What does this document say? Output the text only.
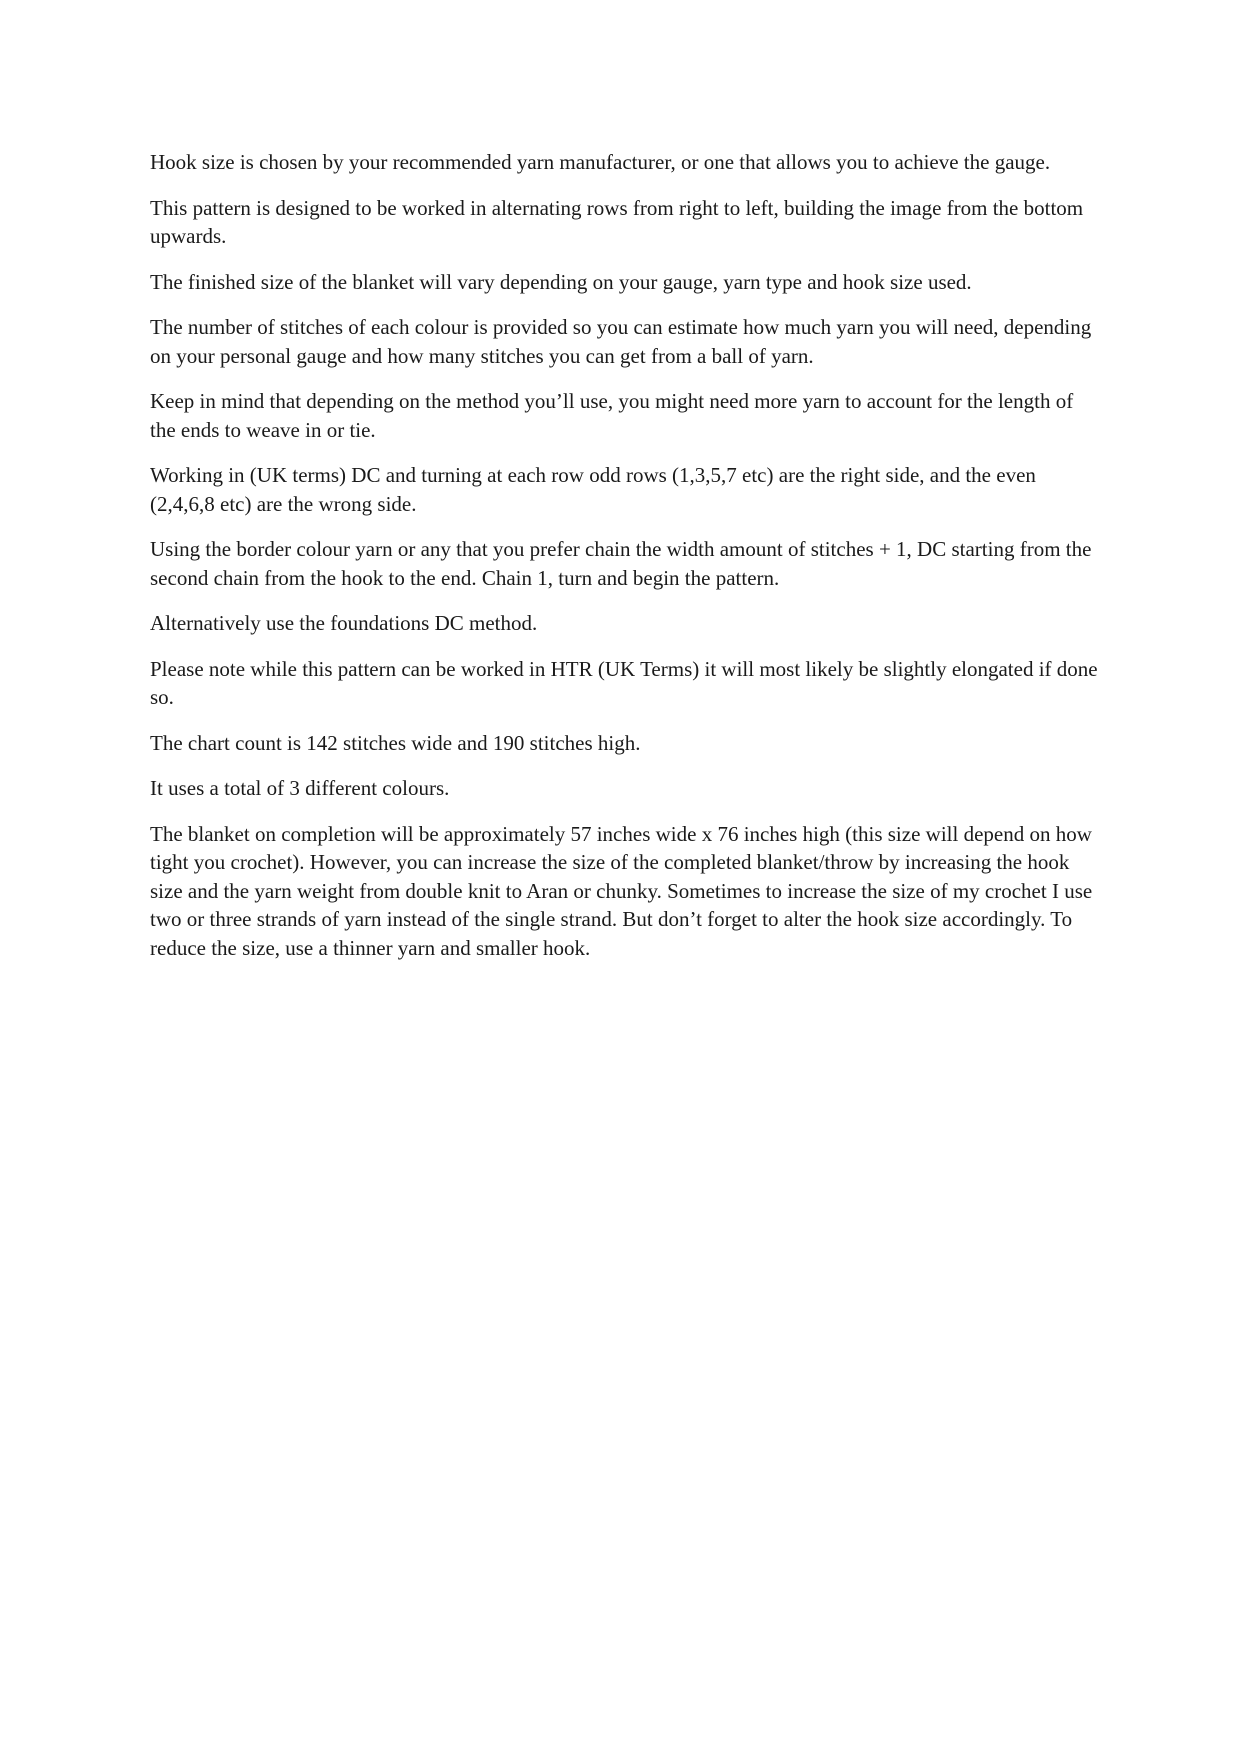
Hook size is chosen by your recommended yarn manufacturer, or one that allows you to achieve the gauge.

This pattern is designed to be worked in alternating rows from right to left, building the image from the bottom upwards.

The finished size of the blanket will vary depending on your gauge, yarn type and hook size used.

The number of stitches of each colour is provided so you can estimate how much yarn you will need, depending on your personal gauge and how many stitches you can get from a ball of yarn.

Keep in mind that depending on the method you’ll use, you might need more yarn to account for the length of the ends to weave in or tie.

Working in (UK terms) DC and turning at each row odd rows (1,3,5,7 etc) are the right side, and the even (2,4,6,8 etc) are the wrong side.

Using the border colour yarn or any that you prefer chain the width amount of stitches + 1, DC starting from the second chain from the hook to the end. Chain 1, turn and begin the pattern.

Alternatively use the foundations DC method.

Please note while this pattern can be worked in HTR (UK Terms) it will most likely be slightly elongated if done so.

The chart count is 142 stitches wide and 190 stitches high.

It uses a total of 3 different colours.

The blanket on completion will be approximately 57 inches wide x 76 inches high (this size will depend on how tight you crochet). However, you can increase the size of the completed blanket/throw by increasing the hook size and the yarn weight from double knit to Aran or chunky. Sometimes to increase the size of my crochet I use two or three strands of yarn instead of the single strand. But don’t forget to alter the hook size accordingly. To reduce the size, use a thinner yarn and smaller hook.
